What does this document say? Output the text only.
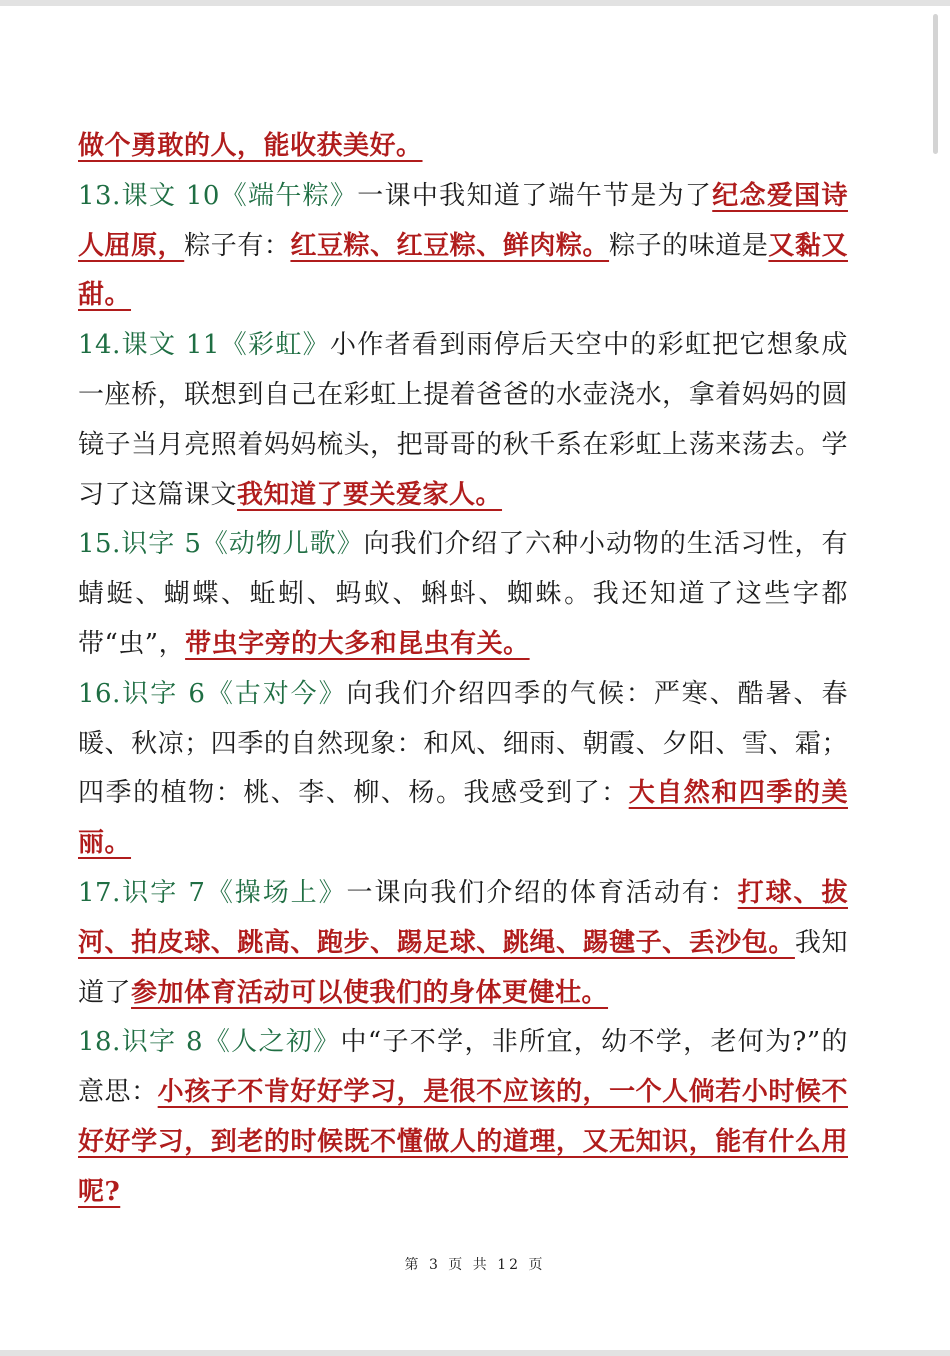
做个勇敢的人，能收获美好。

13.课文 10《端午粽》一课中我知道了端午节是为了纪念爱国诗人屈原，粽子有：红豆粽、红豆粽、鲜肉粽。粽子的味道是又黏又甜。

14.课文 11《彩虹》小作者看到雨停后天空中的彩虹把它想象成一座桥，联想到自己在彩虹上提着爸爸的水壶浇水，拿着妈妈的圆镜子当月亮照着妈妈梳头，把哥哥的秋千系在彩虹上荡来荡去。学习了这篇课文我知道了要关爱家人。

15.识字 5《动物儿歌》向我们介绍了六种小动物的生活习性，有蜻蜓、蝴蝶、蚯蚓、蚂蚁、蝌蚪、蜘蛛。我还知道了这些字都带“虫”，带虫字旁的大多和昆虫有关。

16.识字 6《古对今》向我们介绍四季的气候：严寒、酷暑、春暖、秋凉；四季的自然现象：和风、细雨、朝霞、夕阳、雪、霜；四季的植物：桃、李、柳、杨。我感受到了：大自然和四季的美丽。

17.识字 7《操场上》一课向我们介绍的体育活动有：打球、拔河、拍皮球、跳高、跑步、踢足球、跳绳、踢毽子、丢沙包。我知道了参加体育活动可以使我们的身体更健壮。

18.识字 8《人之初》中“子不学，非所宜，幼不学，老何为?”的意思：小孩子不肯好好学习，是很不应该的，一个人倘若小时候不好好学习，到老的时候既不懂做人的道理，又无知识，能有什么用呢?

第 3 页 共 12 页
